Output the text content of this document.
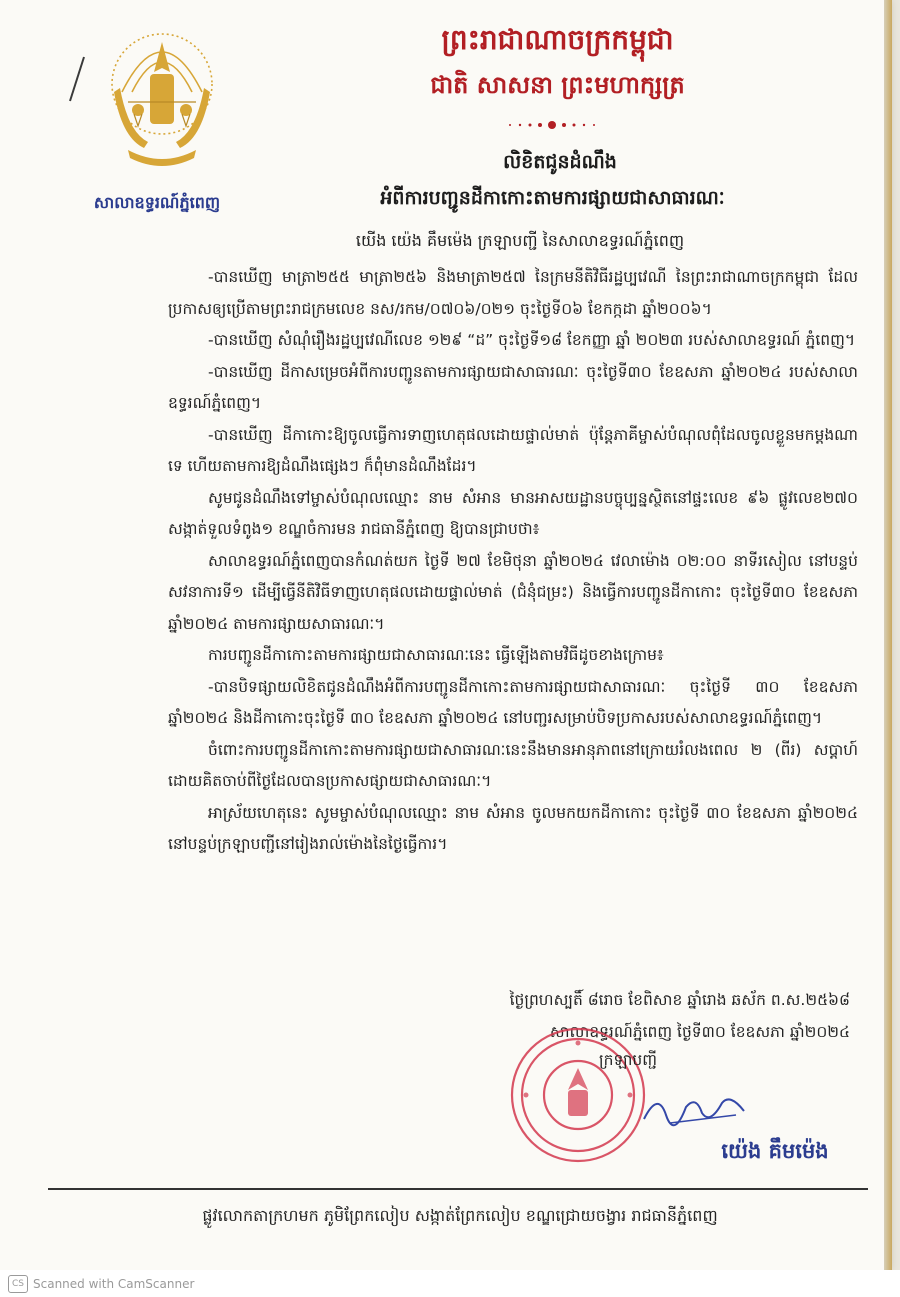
សាលាឧទ្ធរណ៍ភ្នំពេញ
ព្រះរាជាណាចក្រកម្ពុជា
ជាតិ សាសនា ព្រះមហាក្សត្រ
លិខិតជូនដំណឹង
អំពីការបញ្ជូនដីកាកោះតាមការផ្សាយជាសាធារណៈ
យើង យ៉េង គឹមម៉េង ក្រឡាបញ្ជី នៃសាលាឧទ្ធរណ៍ភ្នំពេញ

-បានឃើញ មាត្រា២៥៥ មាត្រា២៥៦ និងមាត្រា២៥៧ នៃក្រមនីតិវិធីរដ្ឋប្បវេណី នៃព្រះរាជាណាចក្រកម្ពុជា ដែលប្រកាសឲ្យប្រើតាមព្រះរាជក្រមលេខ នស/រកម/០៧០៦/០២១ ចុះថ្ងៃទី០៦ ខែកក្កដា ឆ្នាំ២០០៦។

-បានឃើញ សំណុំរឿងរដ្ឋប្បវេណីលេខ ១២៩ “ដ” ចុះថ្ងៃទី១៨ ខែកញ្ញា ឆ្នាំ ២០២៣ របស់សាលាឧទ្ធរណ៍ ភ្នំពេញ។

-បានឃើញ ដីកាសម្រេចអំពីការបញ្ជូនតាមការផ្សាយជាសាធារណៈ ចុះថ្ងៃទី៣០ ខែឧសភា ឆ្នាំ២០២៤ របស់សាលាឧទ្ធរណ៍ភ្នំពេញ។

-បានឃើញ ដីកាកោះឱ្យចូលធ្វើការទាញហេតុផលដោយផ្ទាល់មាត់ ប៉ុន្តែភាគីម្ចាស់បំណុលពុំដែលចូលខ្លួនមកម្តងណាទេ ហើយតាមការឱ្យដំណឹងផ្សេងៗ ក៏ពុំមានដំណឹងដែរ។

សូមជូនដំណឹងទៅម្ចាស់បំណុលឈ្មោះ នាម សំអាន មានអាសយដ្ឋានបច្ចុប្បន្នស្ថិតនៅផ្ទះលេខ ៩៦ ផ្លូវលេខ២៧០ សង្កាត់ទួលទំពូង១ ខណ្ឌចំការមន រាជធានីភ្នំពេញ ឱ្យបានជ្រាបថា៖

សាលាឧទ្ធរណ៍ភ្នំពេញបានកំណត់យក ថ្ងៃទី ២៧ ខែមិថុនា ឆ្នាំ២០២៤ វេលាម៉ោង ០២:០០ នាទីរសៀល នៅបន្ទប់សវនាការទី១ ដើម្បីធ្វើនីតិវិធីទាញហេតុផលដោយផ្ទាល់មាត់ (ជំនុំជម្រះ) និងធ្វើការបញ្ជូនដីកាកោះ ចុះថ្ងៃទី៣០ ខែឧសភា ឆ្នាំ២០២៤ តាមការផ្សាយសាធារណៈ។

ការបញ្ជូនដីកាកោះតាមការផ្សាយជាសាធារណៈនេះ ធ្វើឡើងតាមវិធីដូចខាងក្រោម៖

-បានបិទផ្សាយលិខិតជូនដំណឹងអំពីការបញ្ជូនដីកាកោះតាមការផ្សាយជាសាធារណៈ ចុះថ្ងៃទី ៣០ ខែឧសភា ឆ្នាំ២០២៤ និងដីកាកោះចុះថ្ងៃទី ៣០ ខែឧសភា ឆ្នាំ២០២៤ នៅបញ្ជរសម្រាប់បិទប្រកាសរបស់សាលាឧទ្ធរណ៍ភ្នំពេញ។

ចំពោះការបញ្ជូនដីកាកោះតាមការផ្សាយជាសាធារណៈនេះនឹងមានអានុភាពនៅក្រោយរំលងពេល ២ (ពីរ) សប្តាហ៍ ដោយគិតចាប់ពីថ្ងៃដែលបានប្រកាសផ្សាយជាសាធារណៈ។

អាស្រ័យហេតុនេះ សូមម្ចាស់បំណុលឈ្មោះ នាម សំអាន ចូលមកយកដីកាកោះ ចុះថ្ងៃទី ៣០ ខែឧសភា ឆ្នាំ២០២៤ នៅបន្ទប់ក្រឡាបញ្ជីនៅរៀងរាល់ម៉ោងនៃថ្ងៃធ្វើការ។

ថ្ងៃព្រហស្បតិ៍ ៨រោច ខែពិសាខ ឆ្នាំរោង ឆស័ក ព.ស.២៥៦៨
សាលាឧទ្ធរណ៍ភ្នំពេញ ថ្ងៃទី៣០ ខែឧសភា ឆ្នាំ២០២៤
ក្រឡាបញ្ជី
យ៉េង គឹមម៉េង
ផ្លូវលោកតាក្រហមក ភូមិព្រែកលៀប សង្កាត់ព្រែកលៀប ខណ្ឌជ្រោយចង្វារ រាជធានីភ្នំពេញ
CS Scanned with CamScanner
